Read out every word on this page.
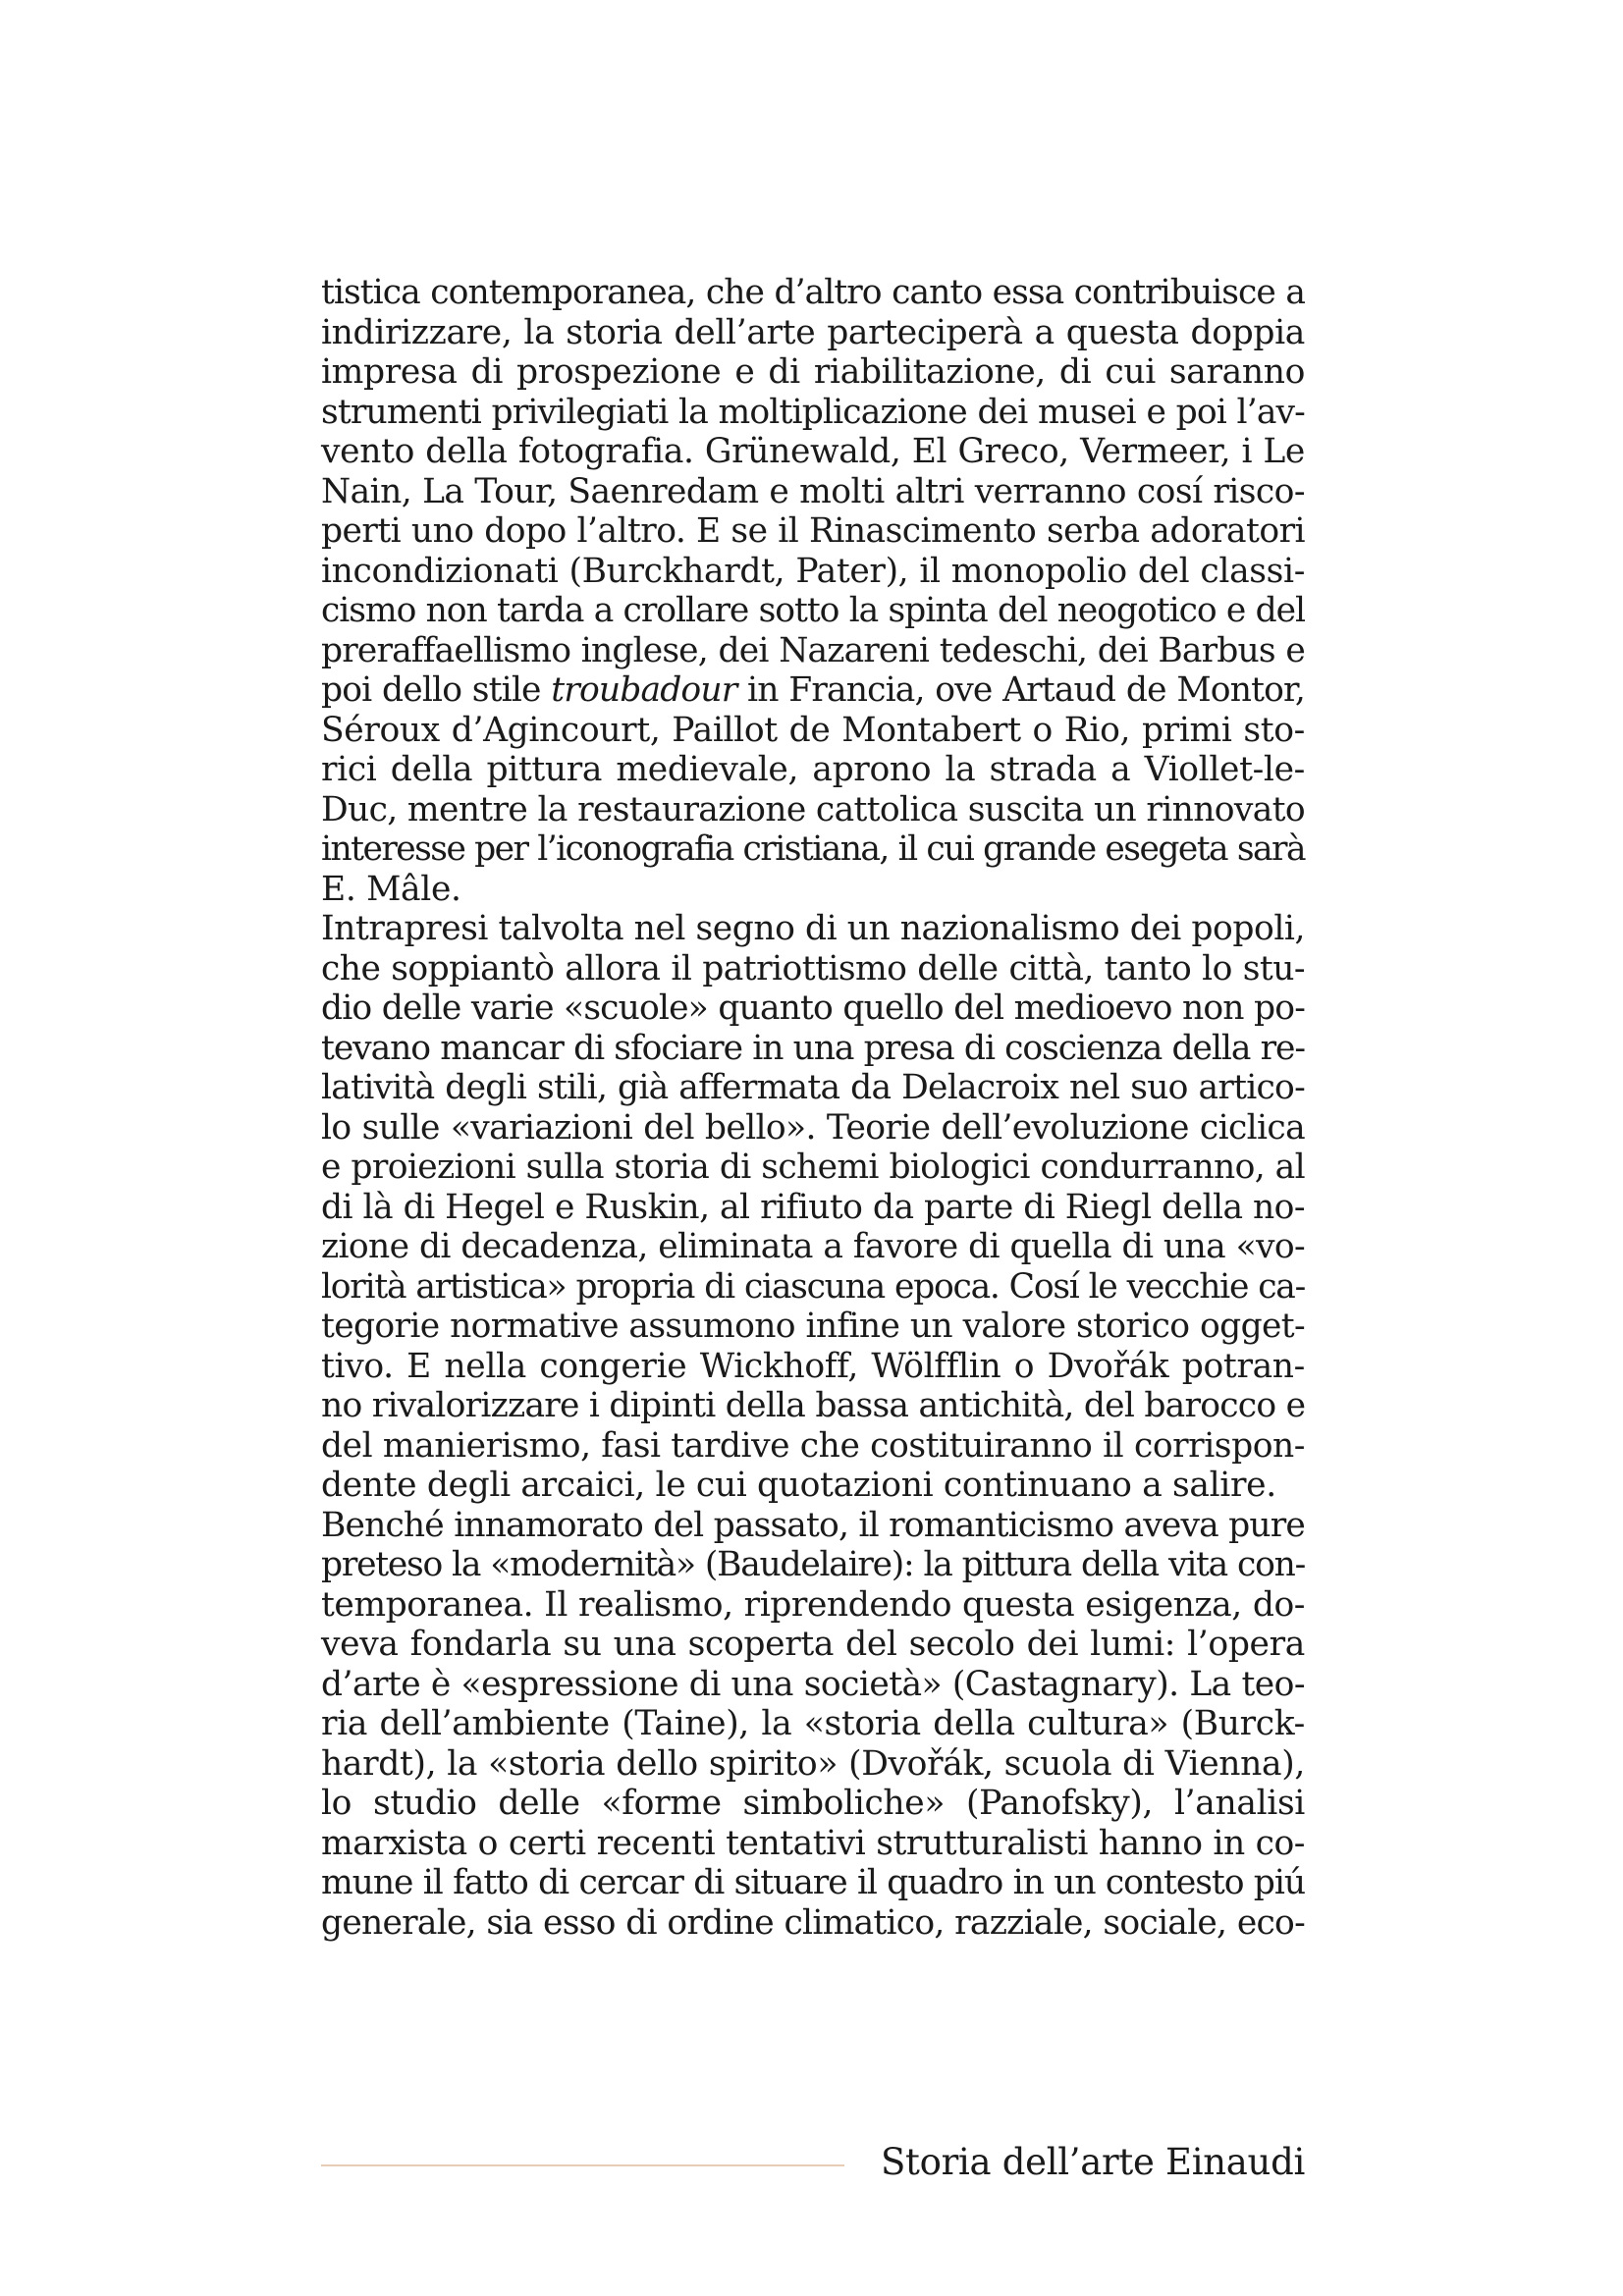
tistica contemporanea, che d’altro canto essa contribuisce a
indirizzare, la storia dell’arte parteciperà a questa doppia
impresa di prospezione e di riabilitazione, di cui saranno
strumenti privilegiati la moltiplicazione dei musei e poi l’av-
vento della fotografia. Grünewald, El Greco, Vermeer, i Le
Nain, La Tour, Saenredam e molti altri verranno cosí risco-
perti uno dopo l’altro. E se il Rinascimento serba adoratori
incondizionati (Burckhardt, Pater), il monopolio del classi-
cismo non tarda a crollare sotto la spinta del neogotico e del
preraffaellismo inglese, dei Nazareni tedeschi, dei Barbus e
poi dello stile troubadour in Francia, ove Artaud de Montor,
Séroux d’Agincourt, Paillot de Montabert o Rio, primi sto-
rici della pittura medievale, aprono la strada a Viollet-le-
Duc, mentre la restaurazione cattolica suscita un rinnovato
interesse per l’iconografia cristiana, il cui grande esegeta sarà
E. Mâle.
Intrapresi talvolta nel segno di un nazionalismo dei popoli,
che soppiantò allora il patriottismo delle città, tanto lo stu-
dio delle varie «scuole» quanto quello del medioevo non po-
tevano mancar di sfociare in una presa di coscienza della re-
latività degli stili, già affermata da Delacroix nel suo artico-
lo sulle «variazioni del bello». Teorie dell’evoluzione ciclica
e proiezioni sulla storia di schemi biologici condurranno, al
di là di Hegel e Ruskin, al rifiuto da parte di Riegl della no-
zione di decadenza, eliminata a favore di quella di una «vo-
lorità artistica» propria di ciascuna epoca. Cosí le vecchie ca-
tegorie normative assumono infine un valore storico ogget-
tivo. E nella congerie Wickhoff, Wölfflin o Dvořák potran-
no rivalorizzare i dipinti della bassa antichità, del barocco e
del manierismo, fasi tardive che costituiranno il corrispon-
dente degli arcaici, le cui quotazioni continuano a salire.
Benché innamorato del passato, il romanticismo aveva pure
preteso la «modernità» (Baudelaire): la pittura della vita con-
temporanea. Il realismo, riprendendo questa esigenza, do-
veva fondarla su una scoperta del secolo dei lumi: l’opera
d’arte è «espressione di una società» (Castagnary). La teo-
ria dell’ambiente (Taine), la «storia della cultura» (Burck-
hardt), la «storia dello spirito» (Dvořák, scuola di Vienna),
lo studio delle «forme simboliche» (Panofsky), l’analisi
marxista o certi recenti tentativi strutturalisti hanno in co-
mune il fatto di cercar di situare il quadro in un contesto piú
generale, sia esso di ordine climatico, razziale, sociale, eco-
Storia dell’arte Einaudi
